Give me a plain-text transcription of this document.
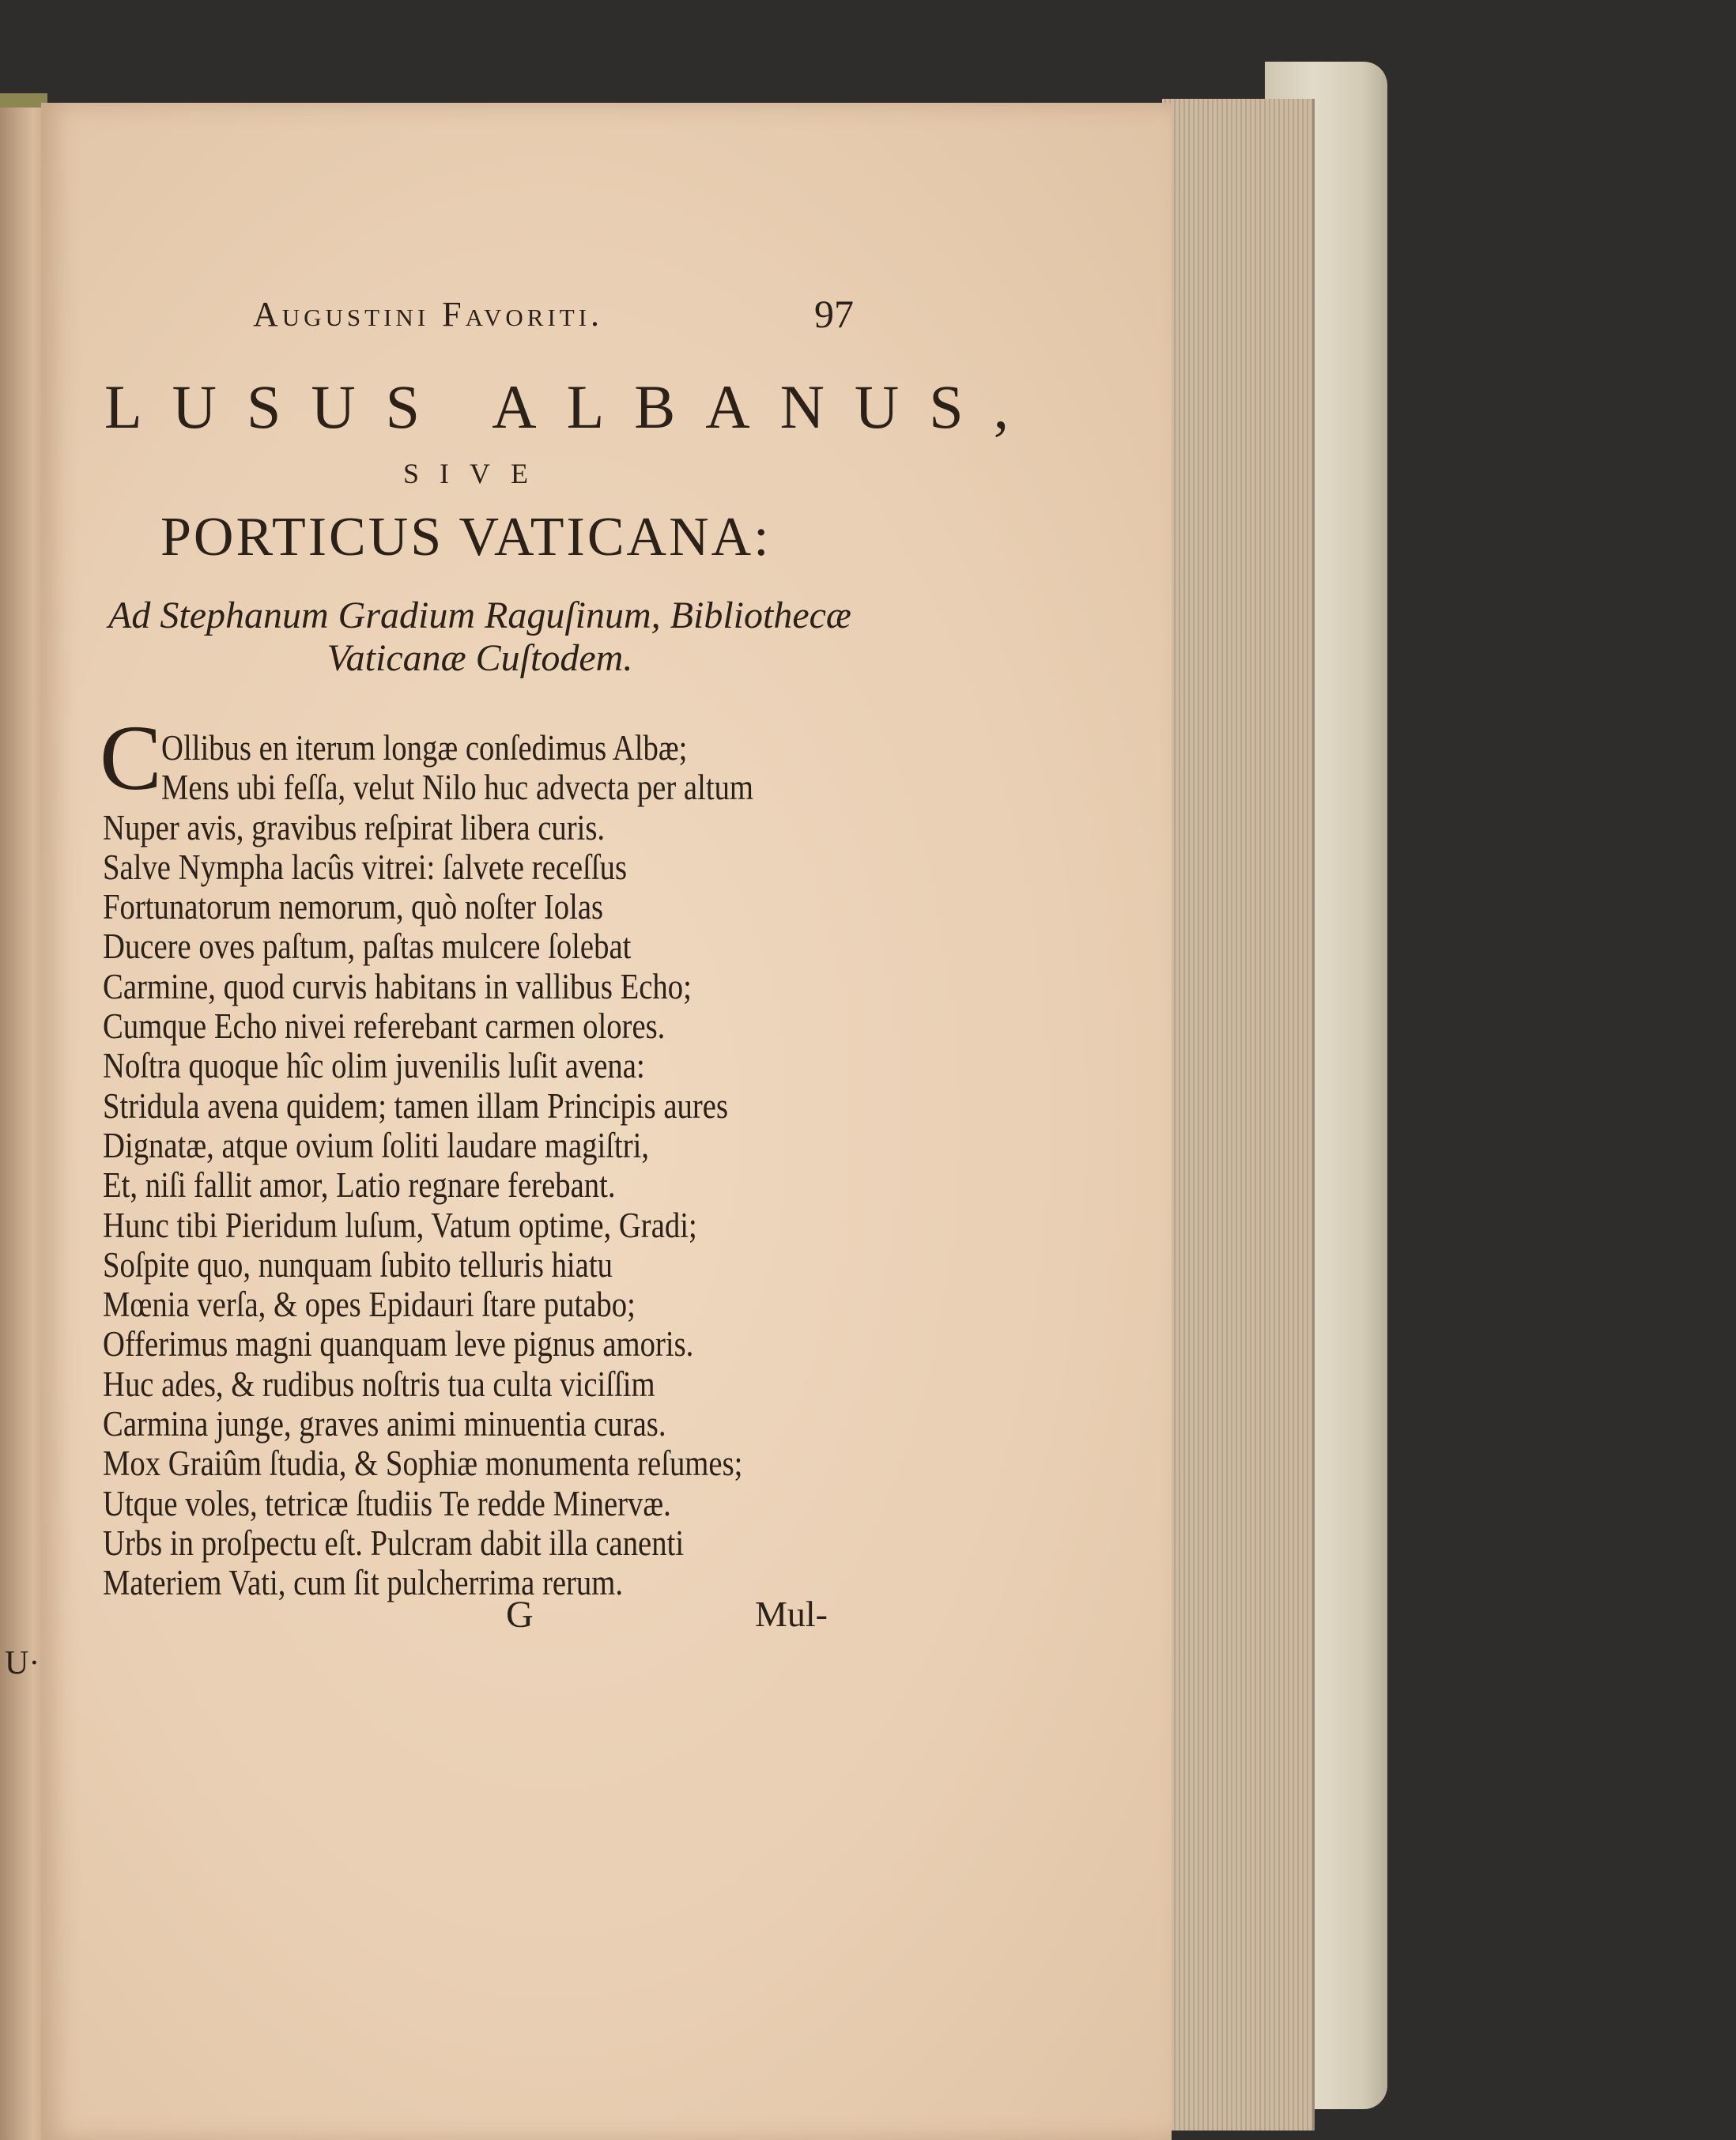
U·
Augustini Favoriti.	97
LUSUS ALBANUS,
SIVE
PORTICUS VATICANA:
Ad Stephanum Gradium Raguſinum, Bibliothecæ
Vaticanæ Cuſtodem.
C Ollibus en iterum longæ conſedimus Albæ;
Mens ubi feſſa, velut Nilo huc advecta per altum
Nuper avis, gravibus reſpirat libera curis.
Salve Nympha lacûs vitrei: ſalvete receſſus
Fortunatorum nemorum, quò noſter Iolas
Ducere oves paſtum, paſtas mulcere ſolebat
Carmine, quod curvis habitans in vallibus Echo;
Cumque Echo nivei referebant carmen olores.
Noſtra quoque hîc olim juvenilis luſit avena:
Stridula avena quidem; tamen illam Principis aures
Dignatæ, atque ovium ſoliti laudare magiſtri,
Et, niſi fallit amor, Latio regnare ferebant.
Hunc tibi Pieridum luſum, Vatum optime, Gradi;
Soſpite quo, nunquam ſubito telluris hiatu
Mœnia verſa, & opes Epidauri ſtare putabo;
Offerimus magni quanquam leve pignus amoris.
Huc ades, & rudibus noſtris tua culta viciſſim
Carmina junge, graves animi minuentia curas.
Mox Graiûm ſtudia, & Sophiæ monumenta reſumes;
Utque voles, tetricæ ſtudiis Te redde Minervæ.
Urbs in proſpectu eſt. Pulcram dabit illa canenti
Materiem Vati, cum ſit pulcherrima rerum.
G	Mul-
